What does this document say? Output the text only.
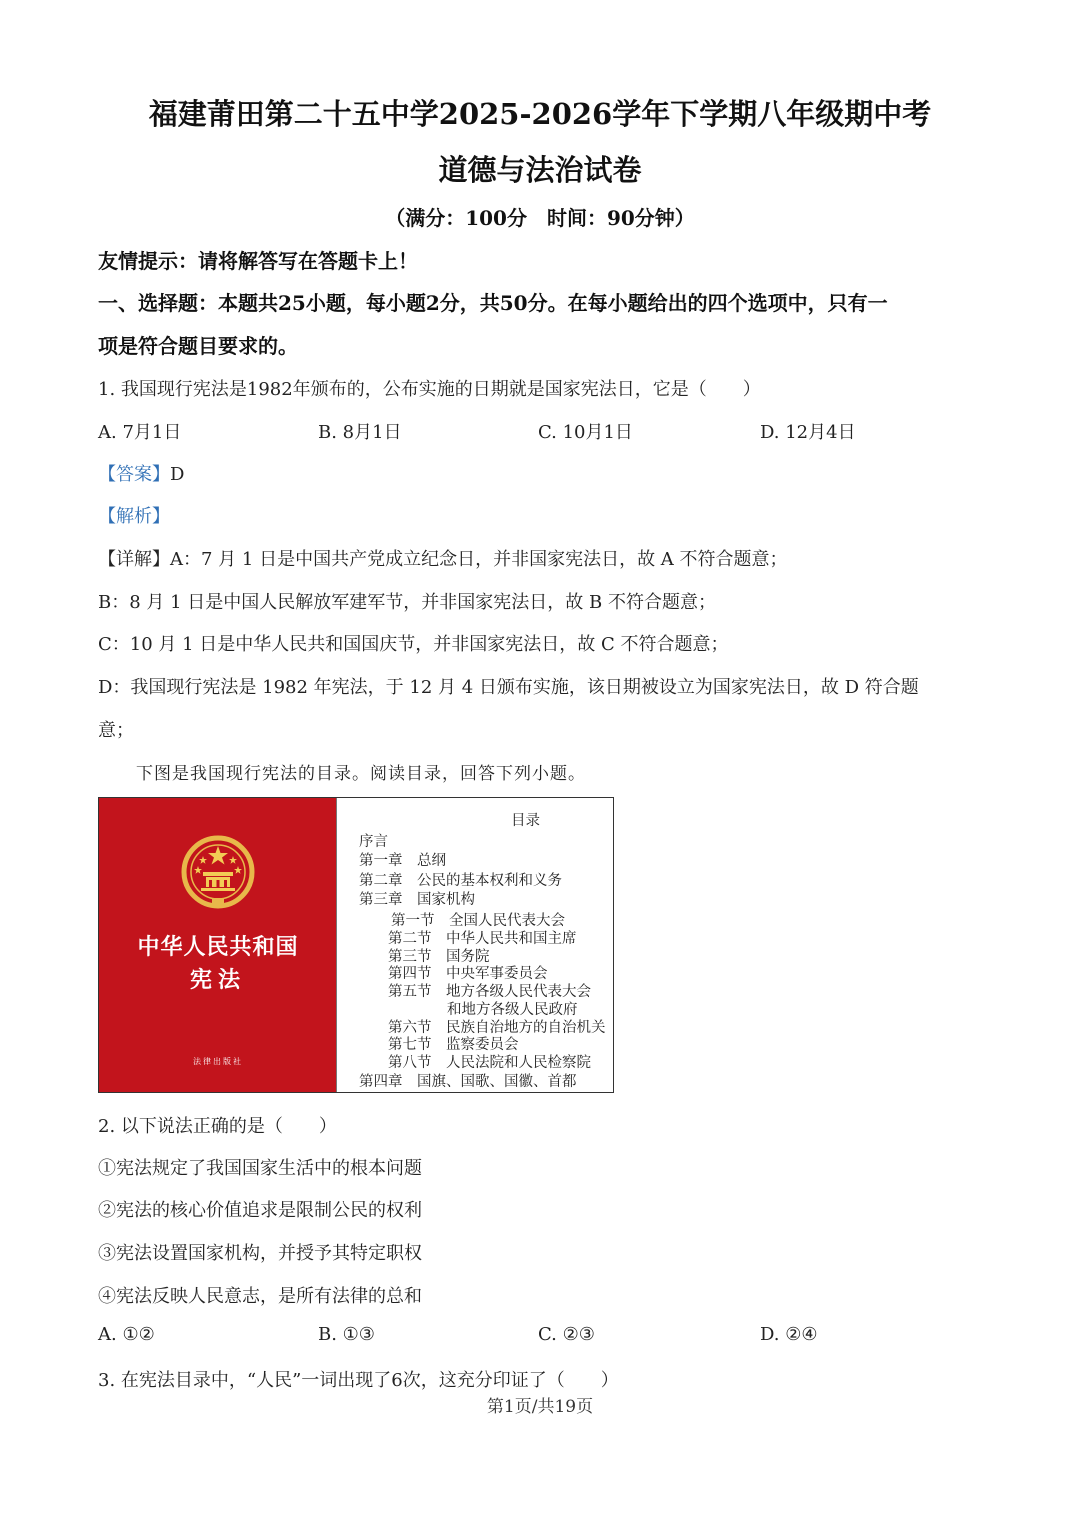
福建莆田第二十五中学2025-2026学年下学期八年级期中考
道德与法治试卷
（满分：100分　时间：90分钟）
友情提示：请将解答写在答题卡上！
一、选择题：本题共25小题，每小题2分，共50分。在每小题给出的四个选项中，只有一
项是符合题目要求的。
1. 我国现行宪法是1982年颁布的，公布实施的日期就是国家宪法日，它是（　　）
A. 7月1日	B. 8月1日	C. 10月1日	D. 12月4日
【答案】D
【解析】
【详解】A：7 月 1 日是中国共产党成立纪念日，并非国家宪法日，故 A 不符合题意；
B：8 月 1 日是中国人民解放军建军节，并非国家宪法日，故 B 不符合题意；
C：10 月 1 日是中华人民共和国国庆节，并非国家宪法日，故 C 不符合题意；
D：我国现行宪法是 1982 年宪法，于 12 月 4 日颁布实施，该日期被设立为国家宪法日，故 D 符合题
意；
下图是我国现行宪法的目录。阅读目录，回答下列小题。
中华人民共和国
宪法
法律出版社
目录
序言
第一章　总纲
第二章　公民的基本权利和义务
第三章　国家机构
第一节　全国人民代表大会
第二节　中华人民共和国主席
第三节　国务院
第四节　中央军事委员会
第五节　地方各级人民代表大会
和地方各级人民政府
第六节　民族自治地方的自治机关
第七节　监察委员会
第八节　人民法院和人民检察院
第四章　国旗、国歌、国徽、首都
2. 以下说法正确的是（　　）
①宪法规定了我国国家生活中的根本问题
②宪法的核心价值追求是限制公民的权利
③宪法设置国家机构，并授予其特定职权
④宪法反映人民意志，是所有法律的总和
A. ①②	B. ①③	C. ②③	D. ②④
3. 在宪法目录中，“人民”一词出现了6次，这充分印证了（　　）
第1页/共19页
